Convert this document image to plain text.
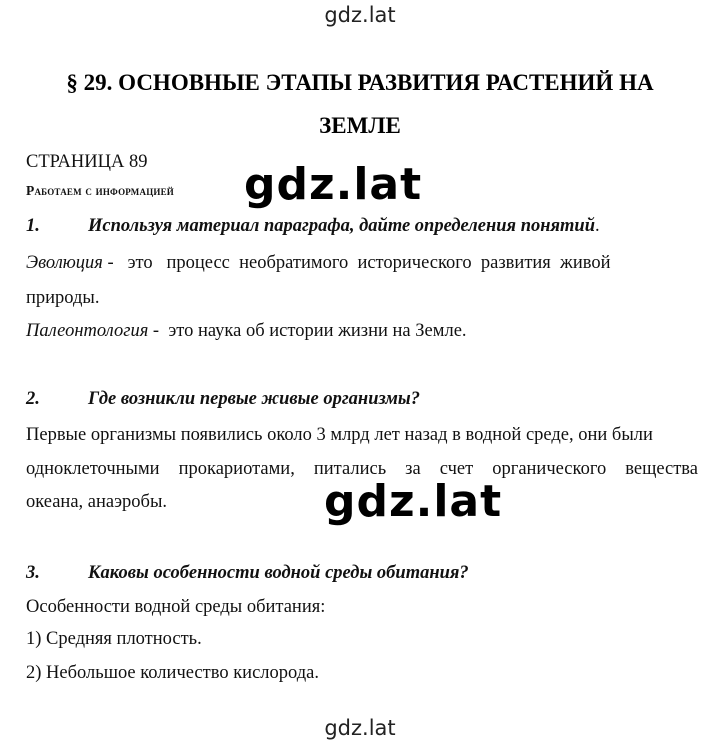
gdz.lat
§ 29. ОСНОВНЫЕ ЭТАПЫ РАЗВИТИЯ РАСТЕНИЙ НА
ЗЕМЛЕ
СТРАНИЦА 89
Работаем с информацией gdz.lat
1.	Используя материал параграфа, дайте определения понятий.
Эволюция -   это   процесс  необратимого  исторического  развития  живой
природы.
Палеонтология -  это наука об истории жизни на Земле.
2.	Где возникли первые живые организмы?
Первые организмы появились около 3 млрд лет назад в водной среде, они были
одноклеточными прокариотами, питались за счет органического вещества
океана, анаэробы.	gdz.lat
3.	Каковы особенности водной среды обитания?
Особенности водной среды обитания:
1) Средняя плотность.
2) Небольшое количество кислорода.
gdz.lat
